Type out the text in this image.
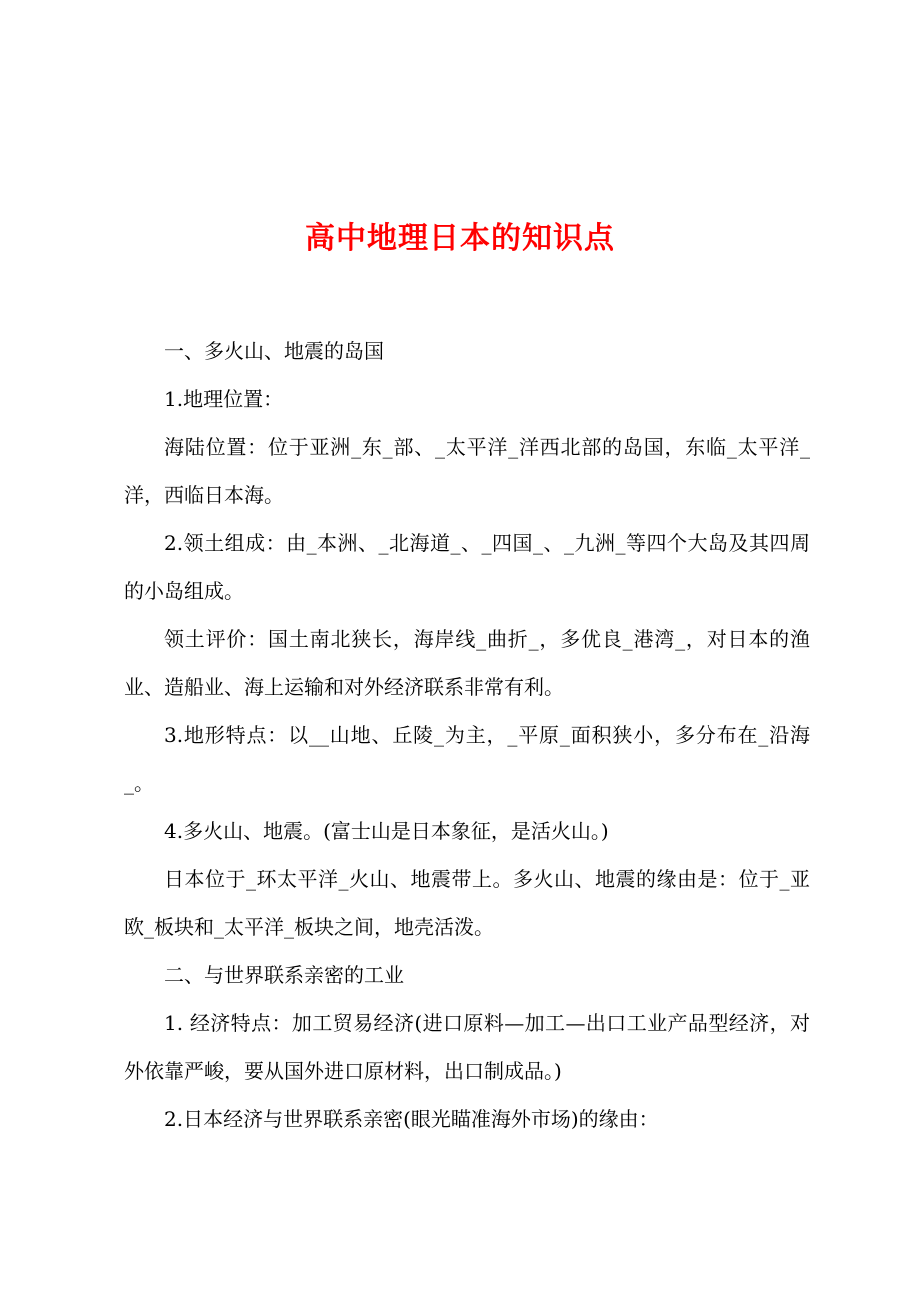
高中地理日本的知识点

一、多火山、地震的岛国

1.地理位置：

海陆位置：位于亚洲_东_部、_太平洋_洋西北部的岛国，东临_太平洋_洋，西临日本海。

2.领土组成：由_本洲、_北海道_、_四国_、_九洲_等四个大岛及其四周的小岛组成。

领土评价：国土南北狭长，海岸线_曲折_，多优良_港湾_，对日本的渔业、造船业、海上运输和对外经济联系非常有利。

3.地形特点：以__山地、丘陵_为主，_平原_面积狭小，多分布在_沿海_。

4.多火山、地震。(富士山是日本象征，是活火山。)

日本位于_环太平洋_火山、地震带上。多火山、地震的缘由是：位于_亚欧_板块和_太平洋_板块之间，地壳活泼。

二、与世界联系亲密的工业

1. 经济特点：加工贸易经济(进口原料—加工—出口工业产品型经济，对外依靠严峻，要从国外进口原材料，出口制成品。)

2.日本经济与世界联系亲密(眼光瞄准海外市场)的缘由：
